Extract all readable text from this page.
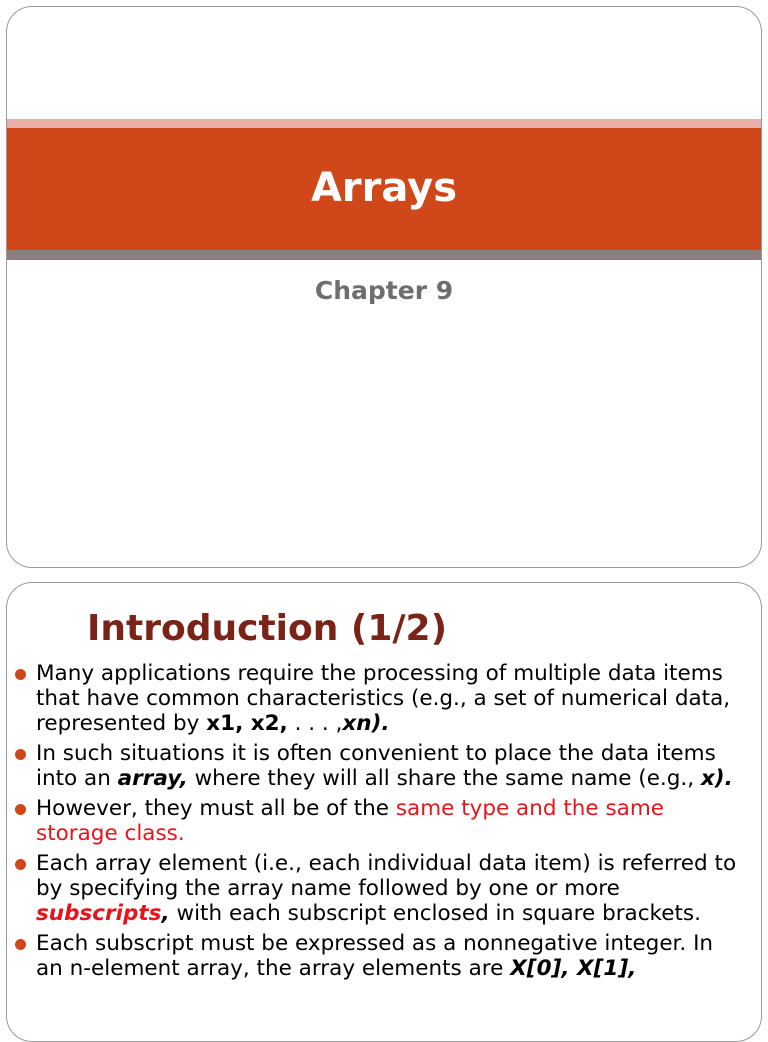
Arrays
Chapter 9
Introduction (1/2)
Many applications require the processing of multiple data items that have common characteristics (e.g., a set of numerical data, represented by x1, x2, . . . ,xn).
In such situations it is often convenient to place the data items into an array, where they will all share the same name (e.g., x).
However, they must all be of the same type and the same storage class.
Each array element (i.e., each individual data item) is referred to by specifying the array name followed by one or more subscripts, with each subscript enclosed in square brackets.
Each subscript must be expressed as a nonnegative integer. In an n-element array, the array elements are X[0], X[1],
